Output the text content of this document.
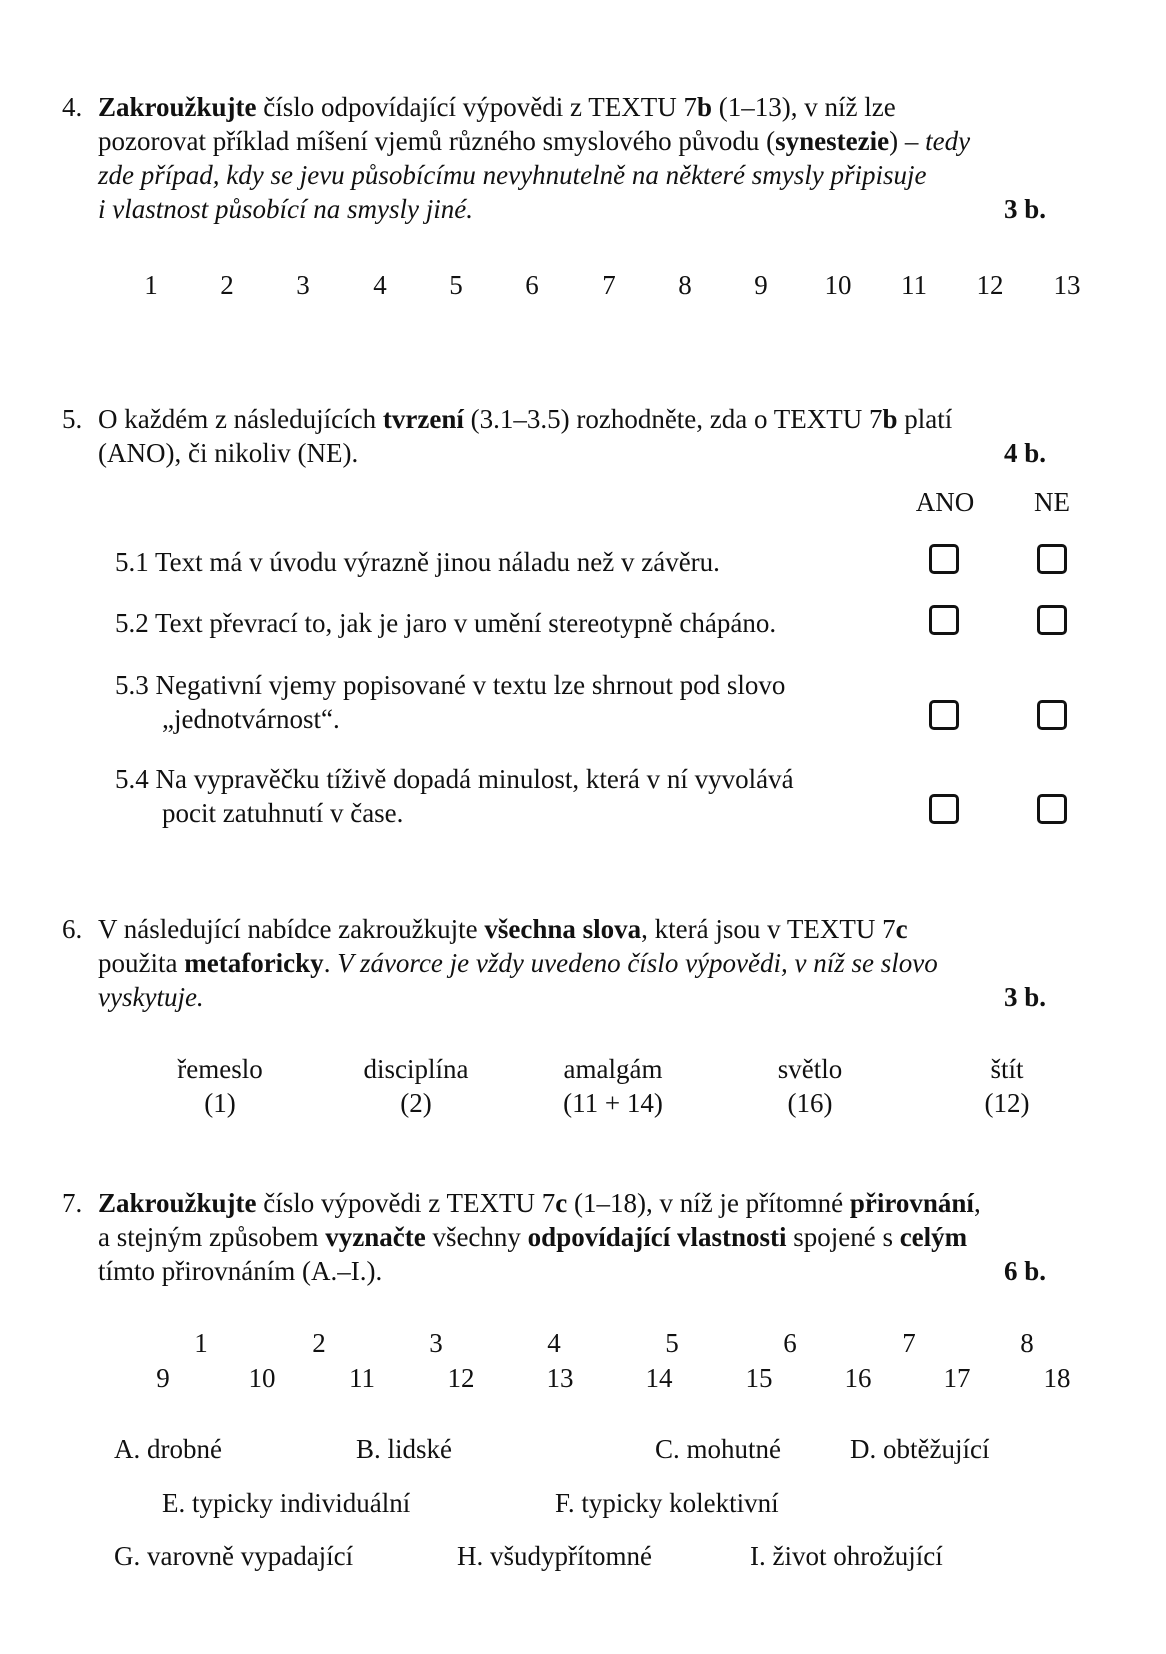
4. Zakroužkujte číslo odpovídající výpovědi z TEXTU 7b (1–13), v níž lze
pozorovat příklad míšení vjemů různého smyslového původu (synestezie) – tedy
zde případ, kdy se jevu působícímu nevyhnutelně na některé smysly připisuje
i vlastnost působící na smysly jiné.	3 b.
1	2	3	4	5	6	7	8	9	10	11	12	13
5. O každém z následujících tvrzení (3.1–3.5) rozhodněte, zda o TEXTU 7b platí
(ANO), či nikoliv (NE).	4 b.
ANO	NE
5.1 Text má v úvodu výrazně jinou náladu než v závěru.
5.2 Text převrací to, jak je jaro v umění stereotypně chápáno.
5.3 Negativní vjemy popisované v textu lze shrnout pod slovo
„jednotvárnost“.
5.4 Na vypravěčku tíživě dopadá minulost, která v ní vyvolává
pocit zatuhnutí v čase.
6. V následující nabídce zakroužkujte všechna slova, která jsou v TEXTU 7c
použita metaforicky. V závorce je vždy uvedeno číslo výpovědi, v níž se slovo
vyskytuje.	3 b.
řemeslo
(1)
disciplína
(2)
amalgám
(11 + 14)
světlo
(16)
štít
(12)
7. Zakroužkujte číslo výpovědi z TEXTU 7c (1–18), v níž je přítomné přirovnání,
a stejným způsobem vyznačte všechny odpovídající vlastnosti spojené s celým
tímto přirovnáním (A.–I.).	6 b.
1	2	3	4	5	6	7	8
9	10	11	12	13	14	15	16	17	18
A. drobné	B. lidské	C. mohutné	D. obtěžující
E. typicky individuální	F. typicky kolektivní
G. varovně vypadající	H. všudypřítomné	I. život ohrožující
